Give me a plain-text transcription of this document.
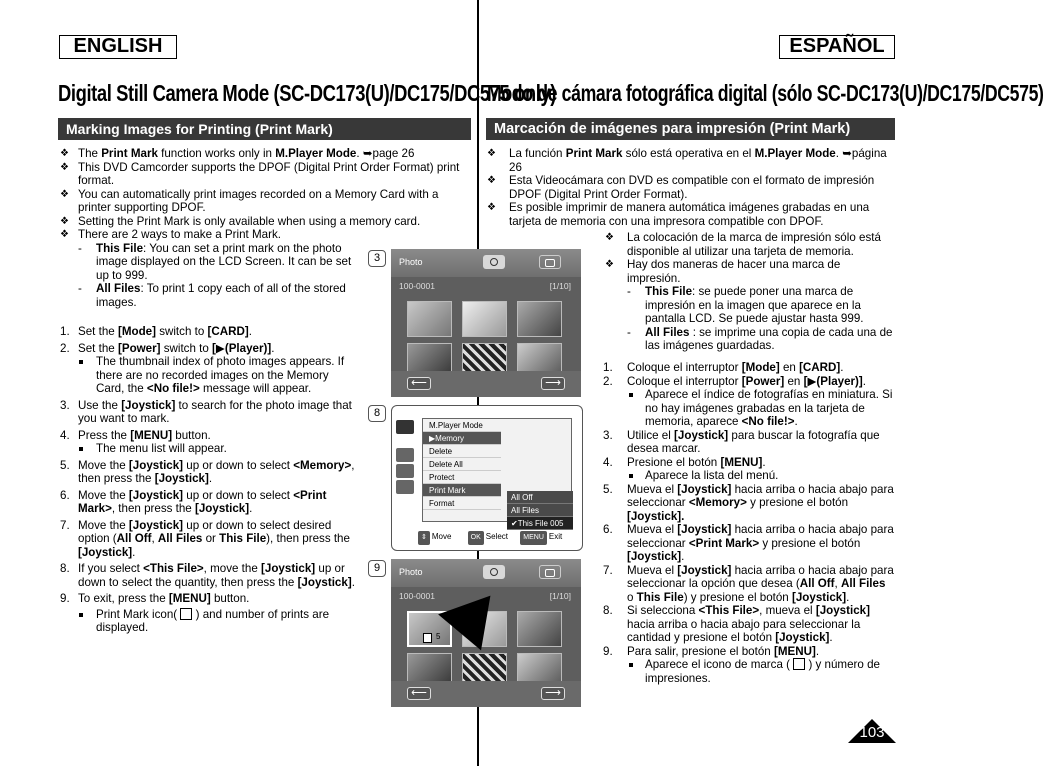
ENGLISH	ESPAÑOL
Digital Still Camera Mode (SC-DC173(U)/DC175/DC575 only)
Modo de cámara fotográfica digital (sólo SC-DC173(U)/DC175/DC575)
Marking Images for Printing (Print Mark)	Marcación de imágenes para impresión (Print Mark)
❖ The Print Mark function works only in M.Player Mode. ➥page 26
❖ This DVD Camcorder supports the DPOF (Digital Print Order Format) print format.
❖ You can automatically print images recorded on a Memory Card with a printer supporting DPOF.
❖ Setting the Print Mark is only available when using a memory card.
❖ There are 2 ways to make a Print Mark.
- This File: You can set a print mark on the photo image displayed on the LCD Screen. It can be set up to 999.
- All Files: To print 1 copy each of all of the stored images.
1. Set the [Mode] switch to [CARD].
2. Set the [Power] switch to [▶(Player)].
The thumbnail index of photo images appears. If there are no recorded images on the Memory Card, the <No file!> message will appear.
3. Use the [Joystick] to search for the photo image that you want to mark.
4. Press the [MENU] button.
The menu list will appear.
5. Move the [Joystick] up or down to select <Memory>, then press the [Joystick].
6. Move the [Joystick] up or down to select <Print Mark>, then press the [Joystick].
7. Move the [Joystick] up or down to select desired option (All Off, All Files or This File), then press the [Joystick].
8. If you select <This File>, move the [Joystick] up or down to select the quantity, then press the [Joystick].
9. To exit, press the [MENU] button.
Print Mark icon(  ) and number of prints are displayed.
3	Photo
100-0001	[1/10]
⟵	⟶
8
M.Player Mode
▶Memory
Delete
Delete All
Protect
Print Mark
Format
All Off
All Files
✔This File 005
⇕ Move	OK Select MENU Exit
9	Photo
100-0001	[1/10]
5
⟵	⟶
❖ La función Print Mark sólo está operativa en el M.Player Mode. ➥página 26
❖ Esta Videocámara con DVD es compatible con el formato de impresión DPOF (Digital Print Order Format).
❖ Es posible imprimir de manera automática imágenes grabadas en una tarjeta de memoria con una impresora compatible con DPOF.
❖ La colocación de la marca de impresión sólo está disponible al utilizar una tarjeta de memoria.
❖ Hay dos maneras de hacer una marca de impresión.
- This File: se puede poner una marca de impresión en la imagen que aparece en la pantalla LCD. Se puede ajustar hasta 999.
- All Files : se imprime una copia de cada una de las imágenes guardadas.
1. Coloque el interruptor [Mode] en [CARD].
2. Coloque el interruptor [Power] en [▶(Player)].
Aparece el índice de fotografías en miniatura. Si no hay imágenes grabadas en la tarjeta de memoria, aparece <No file!>.
3. Utilice el [Joystick] para buscar la fotografía que desea marcar.
4. Presione el botón [MENU].
Aparece la lista del menú.
5. Mueva el [Joystick] hacia arriba o hacia abajo para seleccionar <Memory> y presione el botón [Joystick].
6. Mueva el [Joystick] hacia arriba o hacia abajo para seleccionar <Print Mark> y presione el botón [Joystick].
7. Mueva el [Joystick] hacia arriba o hacia abajo para seleccionar la opción que desea (All Off, All Files o This File) y presione el botón [Joystick].
8. Si selecciona <This File>, mueva el [Joystick] hacia arriba o hacia abajo para seleccionar la cantidad y presione el botón [Joystick].
9. Para salir, presione el botón [MENU].
Aparece el icono de marca (  ) y número de impresiones.
103
